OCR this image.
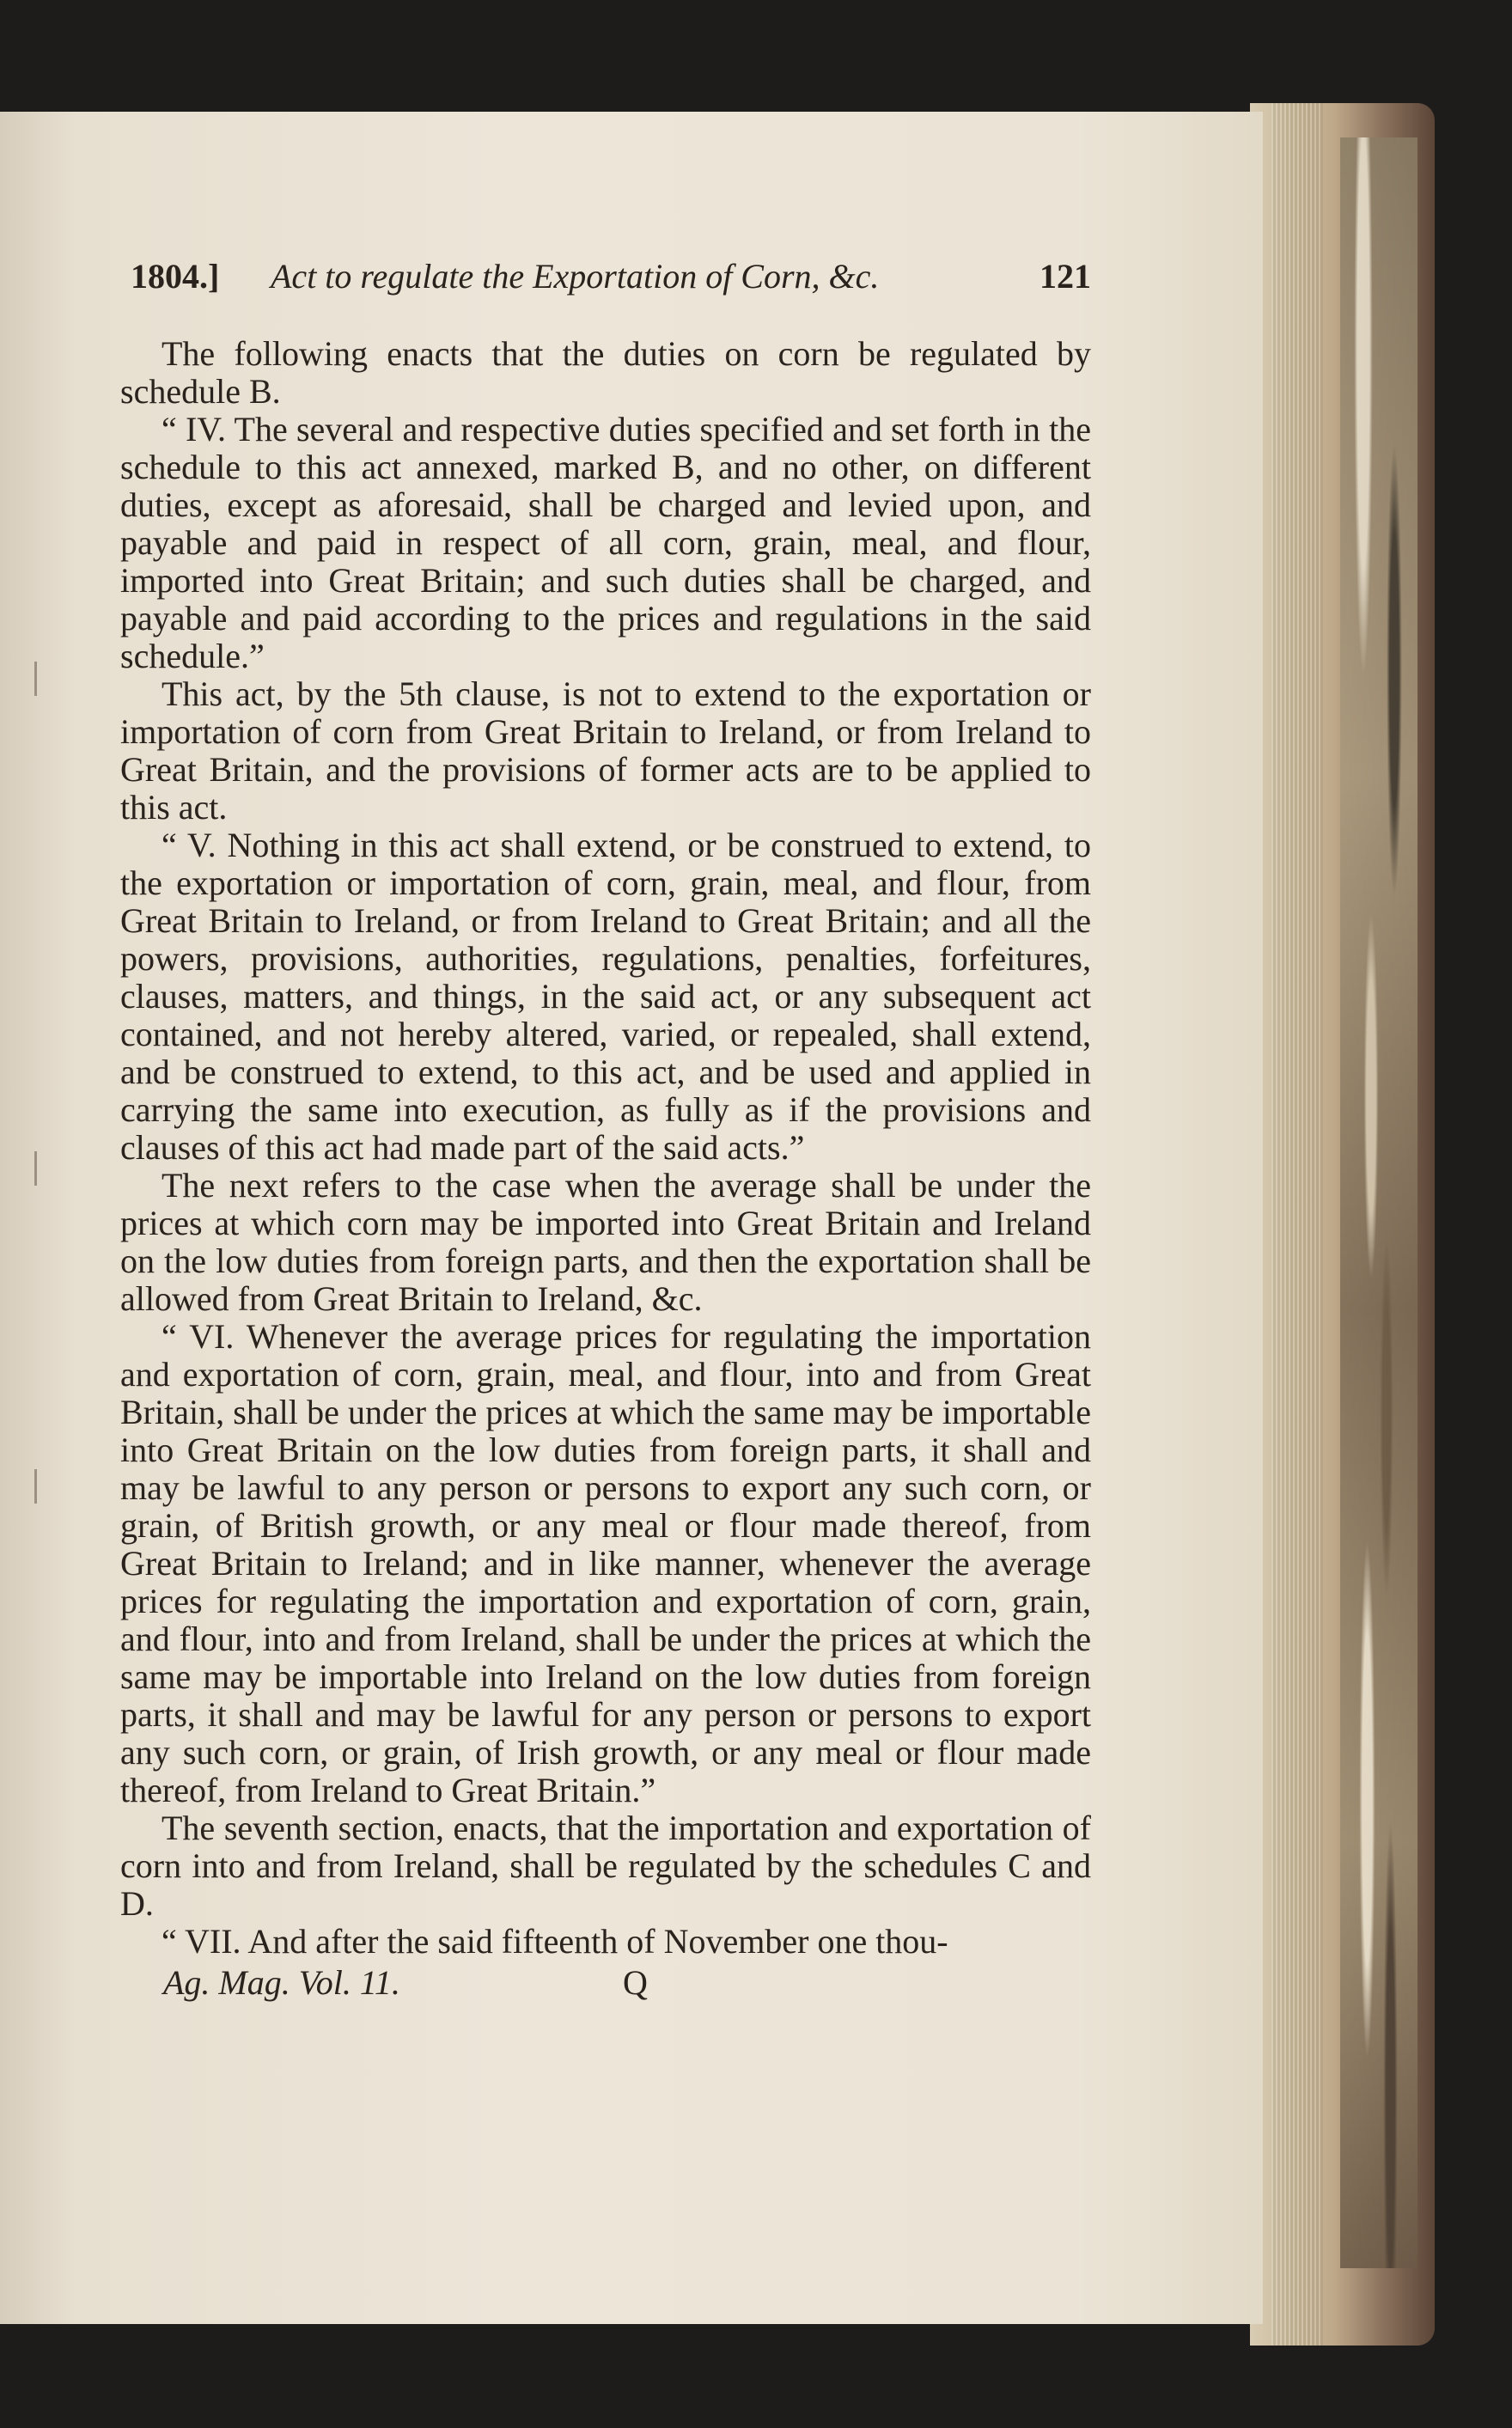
1804.] Act to regulate the Exportation of Corn, &c.	121

The following enacts that the duties on corn be regulated by schedule B.

“ IV. The several and respective duties specified and set forth in the schedule to this act annexed, marked B, and no other, on different duties, except as aforesaid, shall be charged and levied upon, and payable and paid in respect of all corn, grain, meal, and flour, imported into Great Britain; and such duties shall be charged, and payable and paid according to the prices and regulations in the said schedule.”

This act, by the 5th clause, is not to extend to the exportation or importation of corn from Great Britain to Ireland, or from Ireland to Great Britain, and the provisions of former acts are to be applied to this act.

“ V. Nothing in this act shall extend, or be construed to extend, to the exportation or importation of corn, grain, meal, and flour, from Great Britain to Ireland, or from Ireland to Great Britain; and all the powers, provisions, authorities, regulations, penalties, forfeitures, clauses, matters, and things, in the said act, or any subsequent act contained, and not hereby altered, varied, or repealed, shall extend, and be construed to extend, to this act, and be used and applied in carrying the same into execution, as fully as if the provisions and clauses of this act had made part of the said acts.”

The next refers to the case when the average shall be under the prices at which corn may be imported into Great Britain and Ireland on the low duties from foreign parts, and then the exportation shall be allowed from Great Britain to Ireland, &c.

“ VI. Whenever the average prices for regulating the importation and exportation of corn, grain, meal, and flour, into and from Great Britain, shall be under the prices at which the same may be importable into Great Britain on the low duties from foreign parts, it shall and may be lawful to any person or persons to export any such corn, or grain, of British growth, or any meal or flour made thereof, from Great Britain to Ireland; and in like manner, whenever the average prices for regulating the importation and exportation of corn, grain, and flour, into and from Ireland, shall be under the prices at which the same may be importable into Ireland on the low duties from foreign parts, it shall and may be lawful for any person or persons to export any such corn, or grain, of Irish growth, or any meal or flour made thereof, from Ireland to Great Britain.”

The seventh section, enacts, that the importation and exportation of corn into and from Ireland, shall be regulated by the schedules C and D.

“ VII. And after the said fifteenth of November one thou-

Ag. Mag. Vol. 11.	Q
